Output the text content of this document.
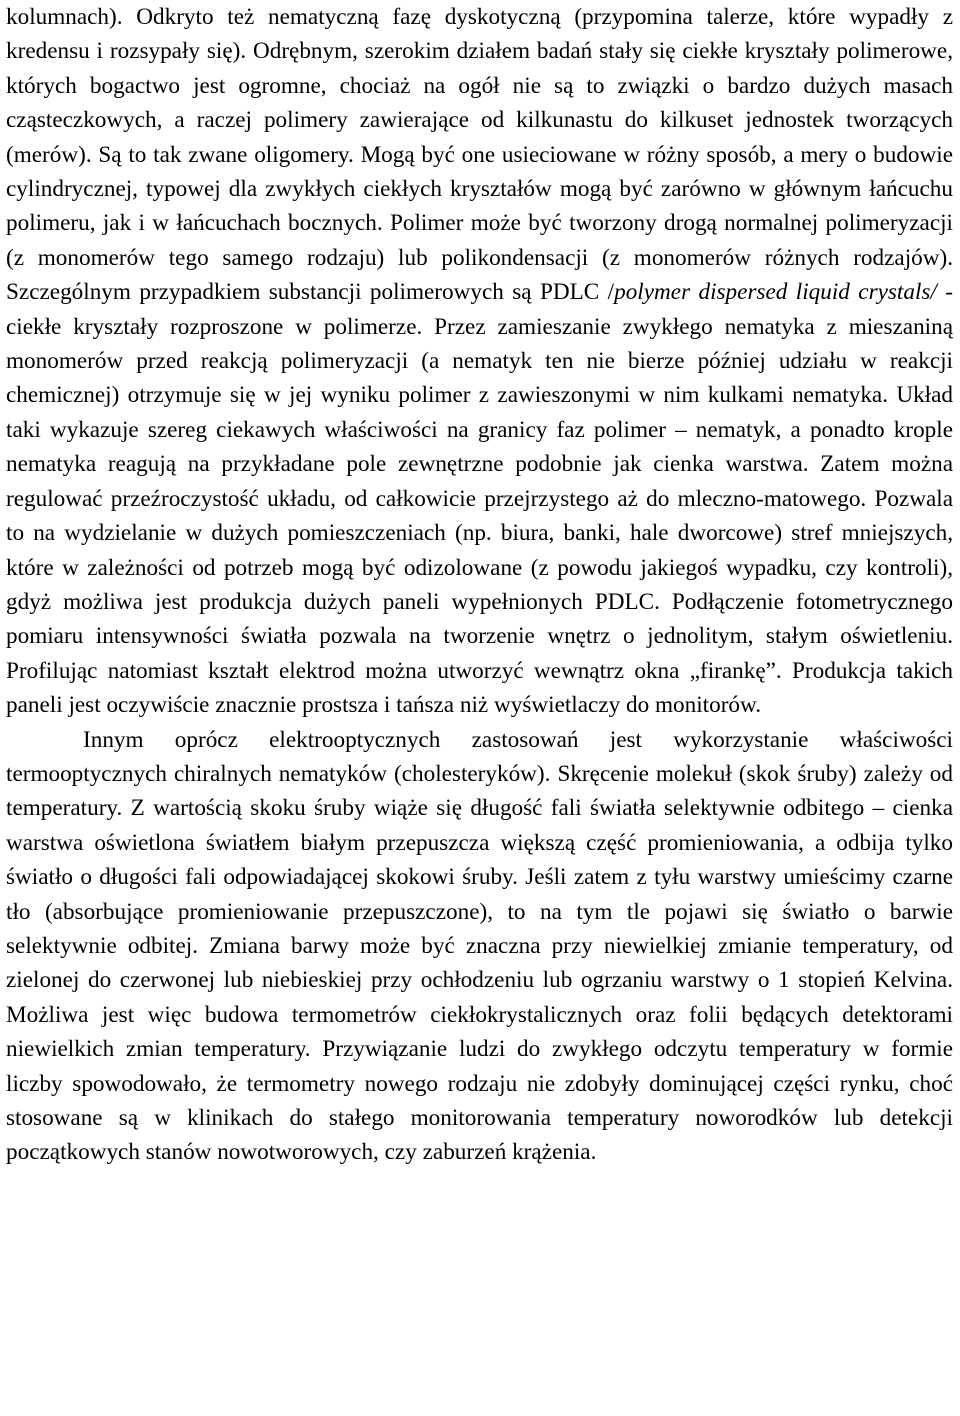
kolumnach). Odkryto też nematyczną fazę dyskotyczną (przypomina talerze, które wypadły z kredensu i rozsypały się). Odrębnym, szerokim działem badań stały się ciekłe kryształy polimerowe, których bogactwo jest ogromne, chociaż na ogół nie są to związki o bardzo dużych masach cząsteczkowych, a raczej polimery zawierające od kilkunastu do kilkuset jednostek tworzących (merów). Są to tak zwane oligomery. Mogą być one usieciowane w różny sposób, a mery o budowie cylindrycznej, typowej dla zwykłych ciekłych kryształów mogą być zarówno w głównym łańcuchu polimeru, jak i w łańcuchach bocznych. Polimer może być tworzony drogą normalnej polimeryzacji (z monomerów tego samego rodzaju) lub polikondensacji (z monomerów różnych rodzajów). Szczególnym przypadkiem substancji polimerowych są PDLC /polymer dispersed liquid crystals/ -ciekłe kryształy rozproszone w polimerze. Przez zamieszanie zwykłego nematyka z mieszaniną monomerów przed reakcją polimeryzacji (a nematyk ten nie bierze później udziału w reakcji chemicznej) otrzymuje się w jej wyniku polimer z zawieszonymi w nim kulkami nematyka. Układ taki wykazuje szereg ciekawych właściwości na granicy faz polimer – nematyk, a ponadto krople nematyka reagują na przykładane pole zewnętrzne podobnie jak cienka warstwa. Zatem można regulować przeźroczystość układu, od całkowicie przejrzystego aż do mleczno-matowego. Pozwala to na wydzielanie w dużych pomieszczeniach (np. biura, banki, hale dworcowe) stref mniejszych, które w zależności od potrzeb mogą być odizolowane (z powodu jakiegoś wypadku, czy kontroli), gdyż możliwa jest produkcja dużych paneli wypełnionych PDLC. Podłączenie fotometrycznego pomiaru intensywności światła pozwala na tworzenie wnętrz o jednolitym, stałym oświetleniu. Profilując natomiast kształt elektrod można utworzyć wewnątrz okna „firankę”. Produkcja takich paneli jest oczywiście znacznie prostsza i tańsza niż wyświetlaczy do monitorów.

Innym oprócz elektrooptycznych zastosowań jest wykorzystanie właściwości termooptycznych chiralnych nematyków (cholesteryków). Skręcenie molekuł (skok śruby) zależy od temperatury. Z wartością skoku śruby wiąże się długość fali światła selektywnie odbitego – cienka warstwa oświetlona światłem białym przepuszcza większą część promieniowania, a odbija tylko światło o długości fali odpowiadającej skokowi śruby. Jeśli zatem z tyłu warstwy umieścimy czarne tło (absorbujące promieniowanie przepuszczone), to na tym tle pojawi się światło o barwie selektywnie odbitej. Zmiana barwy może być znaczna przy niewielkiej zmianie temperatury, od zielonej do czerwonej lub niebieskiej przy ochłodzeniu lub ogrzaniu warstwy o 1 stopień Kelvina. Możliwa jest więc budowa termometrów ciekłokrystalicznych oraz folii będących detektorami niewielkich zmian temperatury. Przywiązanie ludzi do zwykłego odczytu temperatury w formie liczby spowodowało, że termometry nowego rodzaju nie zdobyły dominującej części rynku, choć stosowane są w klinikach do stałego monitorowania temperatury noworodków lub detekcji początkowych stanów nowotworowych, czy zaburzeń krążenia.
